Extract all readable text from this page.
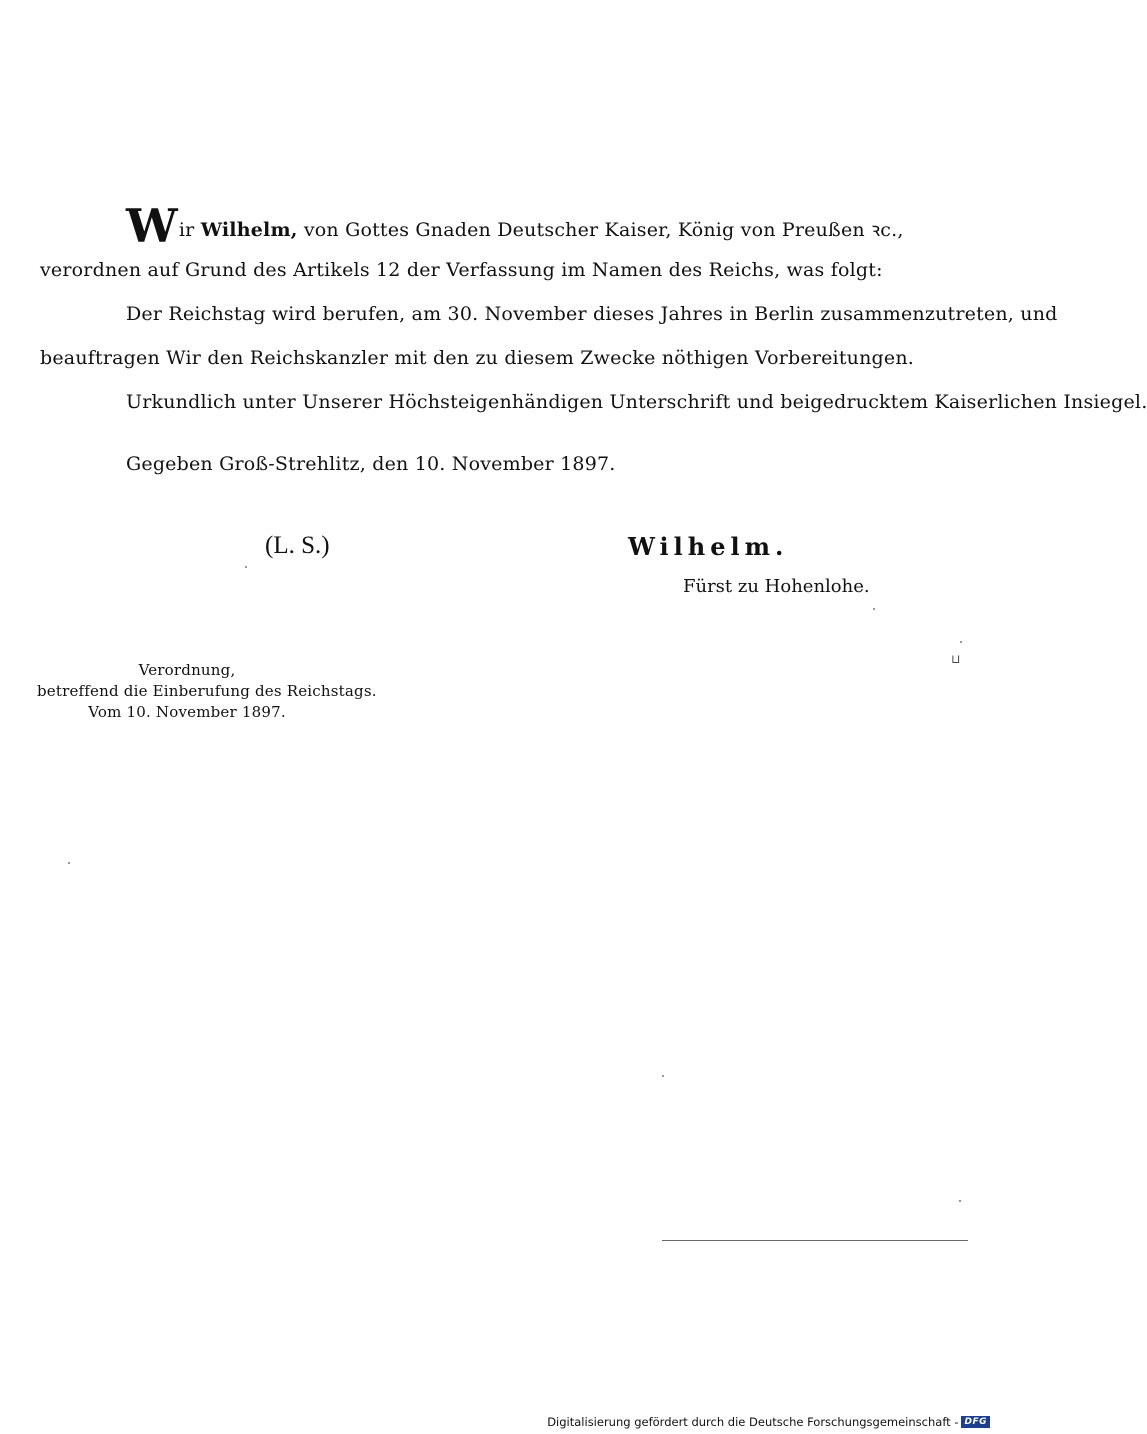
Wir Wilhelm, von Gottes Gnaden Deutscher Kaiser, König von Preußen ꝛc.,
verordnen auf Grund des Artikels 12 der Verfassung im Namen des Reichs, was folgt:
Der Reichstag wird berufen, am 30. November dieses Jahres in Berlin zusammenzutreten, und
beauftragen Wir den Reichskanzler mit den zu diesem Zwecke nöthigen Vorbereitungen.
Urkundlich unter Unserer Höchsteigenhändigen Unterschrift und beigedrucktem Kaiserlichen Insiegel.
Gegeben Groß-Strehlitz, den 10. November 1897.
(L. S.)	Wilhelm.
Fürst zu Hohenlohe.
⊔
Verordnung,
betreffend die Einberufung des Reichstags.
Vom 10. November 1897.
Digitalisierung gefördert durch die Deutsche Forschungsgemeinschaft - DFG
